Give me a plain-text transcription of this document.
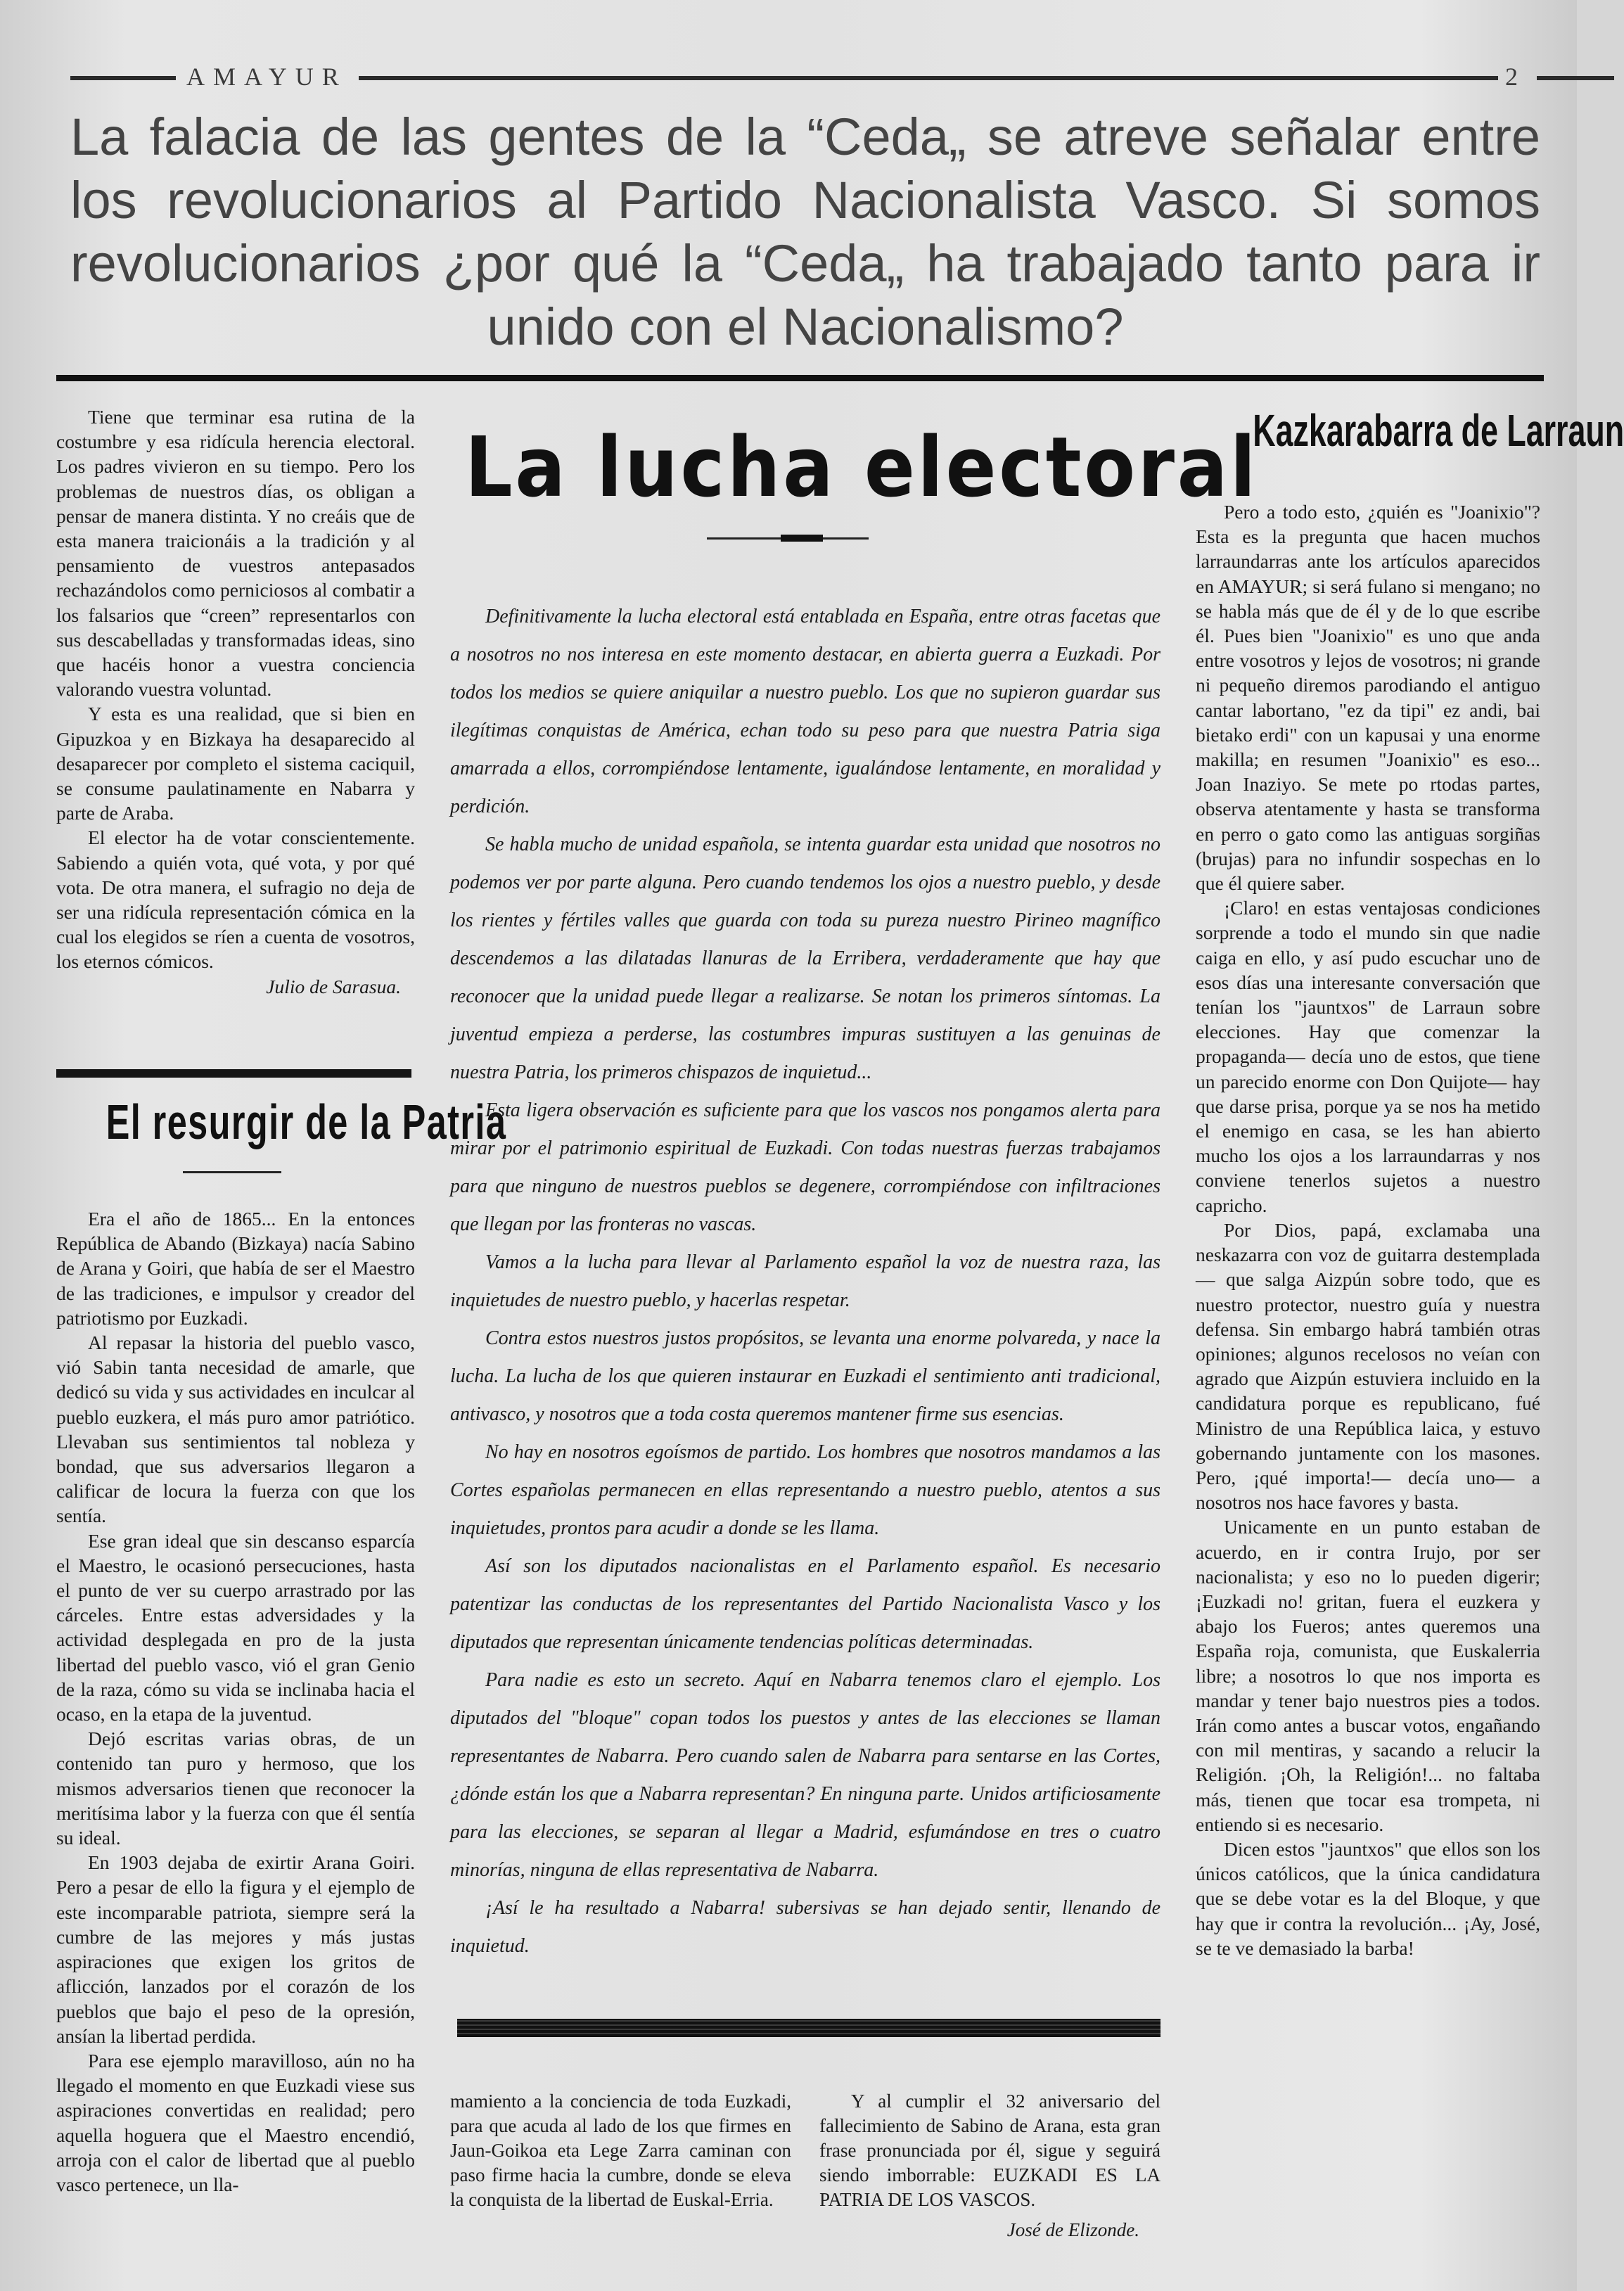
AMAYUR	2
La falacia de las gentes de la “Ceda„ se atreve señalar entre los revolucionarios al Partido Nacionalista Vasco. Si somos revolucionarios ¿por qué la “Ceda„ ha trabajado tanto para ir unido con el Nacionalismo?

Tiene que terminar esa rutina de la costumbre y esa ridícula herencia electoral. Los padres vivieron en su tiempo. Pero los problemas de nuestros días, os obligan a pensar de manera distinta. Y no creáis que de esta manera traicionáis a la tradición y al pensamiento de vuestros antepasados rechazándolos como perniciosos al combatir a los falsarios que “creen” representarlos con sus descabelladas y transformadas ideas, sino que hacéis honor a vuestra conciencia valorando vuestra voluntad.

Y esta es una realidad, que si bien en Gipuzkoa y en Bizkaya ha desaparecido al desaparecer por completo el sistema caciquil, se consume paulatinamente en Nabarra y parte de Araba.

El elector ha de votar conscientemente. Sabiendo a quién vota, qué vota, y por qué vota. De otra manera, el sufragio no deja de ser una ridícula representación cómica en la cual los elegidos se ríen a cuenta de vosotros, los eternos cómicos.

Julio de Sarasua.

El resurgir de la Patria

Era el año de 1865... En la entonces República de Abando (Bizkaya) nacía Sabino de Arana y Goiri, que había de ser el Maestro de las tradiciones, e impulsor y creador del patriotismo por Euzkadi.

Al repasar la historia del pueblo vasco, vió Sabin tanta necesidad de amarle, que dedicó su vida y sus actividades en inculcar al pueblo euzkera, el más puro amor patriótico. Llevaban sus sentimientos tal nobleza y bondad, que sus adversarios llegaron a calificar de locura la fuerza con que los sentía.

Ese gran ideal que sin descanso esparcía el Maestro, le ocasionó persecuciones, hasta el punto de ver su cuerpo arrastrado por las cárceles. Entre estas adversidades y la actividad desplegada en pro de la justa libertad del pueblo vasco, vió el gran Genio de la raza, cómo su vida se inclinaba hacia el ocaso, en la etapa de la juventud.

Dejó escritas varias obras, de un contenido tan puro y hermoso, que los mismos adversarios tienen que reconocer la meritísima labor y la fuerza con que él sentía su ideal.

En 1903 dejaba de exirtir Arana Goiri. Pero a pesar de ello la figura y el ejemplo de este incomparable patriota, siempre será la cumbre de las mejores y más justas aspiraciones que exigen los gritos de aflicción, lanzados por el corazón de los pueblos que bajo el peso de la opresión, ansían la libertad perdida.

Para ese ejemplo maravilloso, aún no ha llegado el momento en que Euzkadi viese sus aspiraciones convertidas en realidad; pero aquella hoguera que el Maestro encendió, arroja con el calor de libertad que al pueblo vasco pertenece, un lla-

La lucha electoral

Definitivamente la lucha electoral está entablada en España, entre otras facetas que a nosotros no nos interesa en este momento destacar, en abierta guerra a Euzkadi. Por todos los medios se quiere aniquilar a nuestro pueblo. Los que no supieron guardar sus ilegítimas conquistas de América, echan todo su peso para que nuestra Patria siga amarrada a ellos, corrompiéndose lentamente, igualándose lentamente, en moralidad y perdición.

Se habla mucho de unidad española, se intenta guardar esta unidad que nosotros no podemos ver por parte alguna. Pero cuando tendemos los ojos a nuestro pueblo, y desde los rientes y fértiles valles que guarda con toda su pureza nuestro Pirineo magnífico descendemos a las dilatadas llanuras de la Erribera, verdaderamente que hay que reconocer que la unidad puede llegar a realizarse. Se notan los primeros síntomas. La juventud empieza a perderse, las costumbres impuras sustituyen a las genuinas de nuestra Patria, los primeros chispazos de inquietud...

Esta ligera observación es suficiente para que los vascos nos pongamos alerta para mirar por el patrimonio espiritual de Euzkadi. Con todas nuestras fuerzas trabajamos para que ninguno de nuestros pueblos se degenere, corrompiéndose con infiltraciones que llegan por las fronteras no vascas.

Vamos a la lucha para llevar al Parlamento español la voz de nuestra raza, las inquietudes de nuestro pueblo, y hacerlas respetar.

Contra estos nuestros justos propósitos, se levanta una enorme polvareda, y nace la lucha. La lucha de los que quieren instaurar en Euzkadi el sentimiento anti tradicional, antivasco, y nosotros que a toda costa queremos mantener firme sus esencias.

No hay en nosotros egoísmos de partido. Los hombres que nosotros mandamos a las Cortes españolas permanecen en ellas representando a nuestro pueblo, atentos a sus inquietudes, prontos para acudir a donde se les llama.

Así son los diputados nacionalistas en el Parlamento español. Es necesario patentizar las conductas de los representantes del Partido Nacionalista Vasco y los diputados que representan únicamente tendencias políticas determinadas.

Para nadie es esto un secreto. Aquí en Nabarra tenemos claro el ejemplo. Los diputados del "bloque" copan todos los puestos y antes de las elecciones se llaman representantes de Nabarra. Pero cuando salen de Nabarra para sentarse en las Cortes, ¿dónde están los que a Nabarra representan? En ninguna parte. Unidos artificiosamente para las elecciones, se separan al llegar a Madrid, esfumándose en tres o cuatro minorías, ninguna de ellas representativa de Nabarra.

¡Así le ha resultado a Nabarra! subersivas se han dejado sentir, llenando de inquietud.

mamiento a la conciencia de toda Euzkadi, para que acuda al lado de los que firmes en Jaun-Goikoa eta Lege Zarra caminan con paso firme hacia la cumbre, donde se eleva la conquista de la libertad de Euskal-Erria.

Y al cumplir el 32 aniversario del fallecimiento de Sabino de Arana, esta gran frase pronunciada por él, sigue y seguirá siendo imborrable: EUZKADI ES LA PATRIA DE LOS VASCOS.

José de Elizonde.

Kazkarabarra de Larraun

Pero a todo esto, ¿quién es "Joanixio"? Esta es la pregunta que hacen muchos larraundarras ante los artículos aparecidos en AMAYUR; si será fulano si mengano; no se habla más que de él y de lo que escribe él. Pues bien "Joanixio" es uno que anda entre vosotros y lejos de vosotros; ni grande ni pequeño diremos parodiando el antiguo cantar labortano, "ez da tipi" ez andi, bai bietako erdi" con un kapusai y una enorme makilla; en resumen "Joanixio" es eso... Joan Inaziyo. Se mete po rtodas partes, observa atentamente y hasta se transforma en perro o gato como las antiguas sorgiñas (brujas) para no infundir sospechas en lo que él quiere saber.

¡Claro! en estas ventajosas condiciones sorprende a todo el mundo sin que nadie caiga en ello, y así pudo escuchar uno de esos días una interesante conversación que tenían los "jauntxos" de Larraun sobre elecciones. Hay que comenzar la propaganda— decía uno de estos, que tiene un parecido enorme con Don Quijote— hay que darse prisa, porque ya se nos ha metido el enemigo en casa, se les han abierto mucho los ojos a los larraundarras y nos conviene tenerlos sujetos a nuestro capricho.

Por Dios, papá, exclamaba una neskazarra con voz de guitarra destemplada— que salga Aizpún sobre todo, que es nuestro protector, nuestro guía y nuestra defensa. Sin embargo habrá también otras opiniones; algunos recelosos no veían con agrado que Aizpún estuviera incluido en la candidatura porque es republicano, fué Ministro de una República laica, y estuvo gobernando juntamente con los masones. Pero, ¡qué importa!— decía uno— a nosotros nos hace favores y basta.

Unicamente en un punto estaban de acuerdo, en ir contra Irujo, por ser nacionalista; y eso no lo pueden digerir; ¡Euzkadi no! gritan, fuera el euzkera y abajo los Fueros; antes queremos una España roja, comunista, que Euskalerria libre; a nosotros lo que nos importa es mandar y tener bajo nuestros pies a todos. Irán como antes a buscar votos, engañando con mil mentiras, y sacando a relucir la Religión. ¡Oh, la Religión!... no faltaba más, tienen que tocar esa trompeta, ni entiendo si es necesario.

Dicen estos "jauntxos" que ellos son los únicos católicos, que la única candidatura que se debe votar es la del Bloque, y que hay que ir contra la revolución... ¡Ay, José, se te ve demasiado la barba!
